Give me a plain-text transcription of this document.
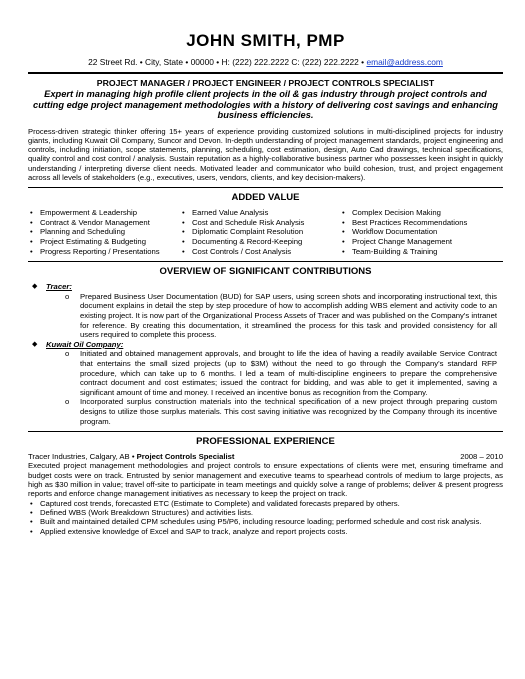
JOHN SMITH, PMP
22 Street Rd. • City, State • 00000 • H: (222) 222.2222 C: (222) 222.2222 • email@address.com
PROJECT MANAGER / PROJECT ENGINEER / PROJECT CONTROLS SPECIALIST
Expert in managing high profile client projects in the oil & gas industry through project controls and cutting edge project management methodologies with a history of delivering cost savings and enhancing business efficiencies.
Process-driven strategic thinker offering 15+ years of experience providing customized solutions in multi-disciplined projects for industry giants, including Kuwait Oil Company, Suncor and Devon. In-depth understanding of project management standards, project engineering and controls, including initiation, scope statements, planning, scheduling, cost estimation, design, Auto Cad drawings, technical specifications, quality control and cost control / analysis. Sustain reputation as a highly-collaborative business partner who possesses keen insight in quickly understanding / interpreting diverse client needs. Motivated leader and communicator who build cohesion, trust, and project engagement across all levels of stakeholders (e.g., executives, users, vendors, clients, and key decision-makers).
ADDED VALUE
• Empowerment & Leadership
• Contract & Vendor Management
• Planning and Scheduling
• Project Estimating & Budgeting
• Progress Reporting / Presentations
• Earned Value Analysis
• Cost and Schedule Risk Analysis
• Diplomatic Complaint Resolution
• Documenting & Record-Keeping
• Cost Controls / Cost Analysis
• Complex Decision Making
• Best Practices Recommendations
• Workflow Documentation
• Project Change Management
• Team-Building & Training
OVERVIEW OF SIGNIFICANT CONTRIBUTIONS
◆ Tracer:
o Prepared Business User Documentation (BUD) for SAP users, using screen shots and incorporating instructional text, this document explains in detail the step by step procedure of how to accomplish adding WBS element and activity code to an existing project. It is now part of the Organizational Process Assets of Tracer and was published on the Company's intranet for reference. By creating this documentation, it streamlined the process for this task and provided consistency for all users required to complete this process.
◆ Kuwait Oil Company:
o Initiated and obtained management approvals, and brought to life the idea of having a readily available Service Contract that entertains the small sized projects (up to $3M) without the need to go through the Company's standard RFP procedure, which can take up to 6 months. I led a team of multi-discipline engineers to prepare the comprehensive contract document and cost estimates; issued the contract for bidding, and was able to get it implemented, saving a significant amount of time and money. I received an incentive bonus as recognition from the Company.
o Incorporated surplus construction materials into the technical specification of a new project through preparing custom designs to utilize those surplus materials. This cost saving initiative was recognized by the Company through its incentive program.
PROFESSIONAL EXPERIENCE
Tracer Industries, Calgary, AB • Project Controls Specialist	2008 – 2010
Executed project management methodologies and project controls to ensure expectations of clients were met, ensuring timeframe and budget costs were on track. Entrusted by senior management and executive teams to spearhead controls of medium to large projects, as high as $30 million in value; travel off-site to participate in team meetings and quickly solve a range of problems; deliver & present progress reports and enforce change management initiatives as necessary to keep the project on track.
• Captured cost trends, forecasted ETC (Estimate to Complete) and validated forecasts prepared by others.
• Defined WBS (Work Breakdown Structures) and activities lists.
• Built and maintained detailed CPM schedules using P5/P6, including resource loading; performed schedule and cost risk analysis.
• Applied extensive knowledge of Excel and SAP to track, analyze and report projects costs.
